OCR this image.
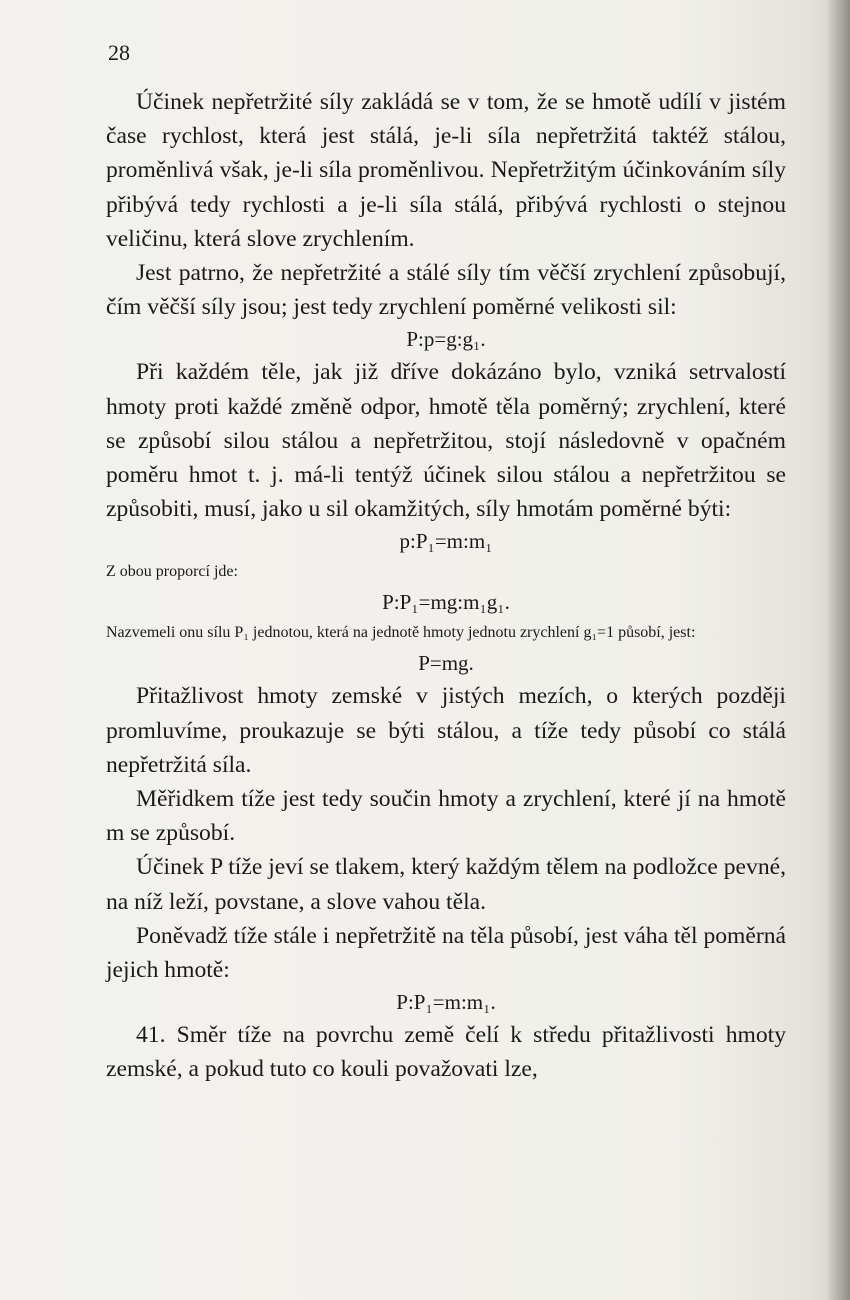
28

Účinek nepřetržité síly zakládá se v tom, že se hmotě udílí v jistém čase rychlost, která jest stálá, je-li síla nepřetržitá taktéž stálou, proměnlivá však, je-li síla proměnlivou. Nepřetržitým účinkováním síly přibývá tedy rychlosti a je-li síla stálá, přibývá rychlosti o stejnou veličinu, která slove zrychlením.

Jest patrno, že nepřetržité a stálé síly tím věčší zrychlení způsobují, čím věčší síly jsou; jest tedy zrychlení poměrné velikosti sil:

P:p=g:g₁.

Při každém těle, jak již dříve dokázáno bylo, vzniká setrvalostí hmoty proti každé změně odpor, hmotě těla poměrný; zrychlení, které se způsobí silou stálou a nepřetržitou, stojí následovně v opačném poměru hmot t. j. má-li tentýž účinek silou stálou a nepřetržitou se způsobiti, musí, jako u sil okamžitých, síly hmotám poměrné býti:

p:P₁=m:m₁

Z obou proporcí jde:

P:P₁=mg:m₁g₁.

Nazvemeli onu sílu P₁ jednotou, která na jednotě hmoty jednotu zrychlení g₁=1 působí, jest:

P=mg.

Přitažlivost hmoty zemské v jistých mezích, o kterých později promluvíme, proukazuje se býti stálou, a tíže tedy působí co stálá nepřetržitá síla.

Měřidkem tíže jest tedy součin hmoty a zrychlení, které jí na hmotě m se způsobí.

Účinek P tíže jeví se tlakem, který každým tělem na podložce pevné, na níž leží, povstane, a slove vahou těla.

Poněvadž tíže stále i nepřetržitě na těla působí, jest váha těl poměrná jejich hmotě:

P:P₁=m:m₁.

41. Směr tíže na povrchu země čelí k středu přitažlivosti hmoty zemské, a pokud tuto co kouli považovati lze,
